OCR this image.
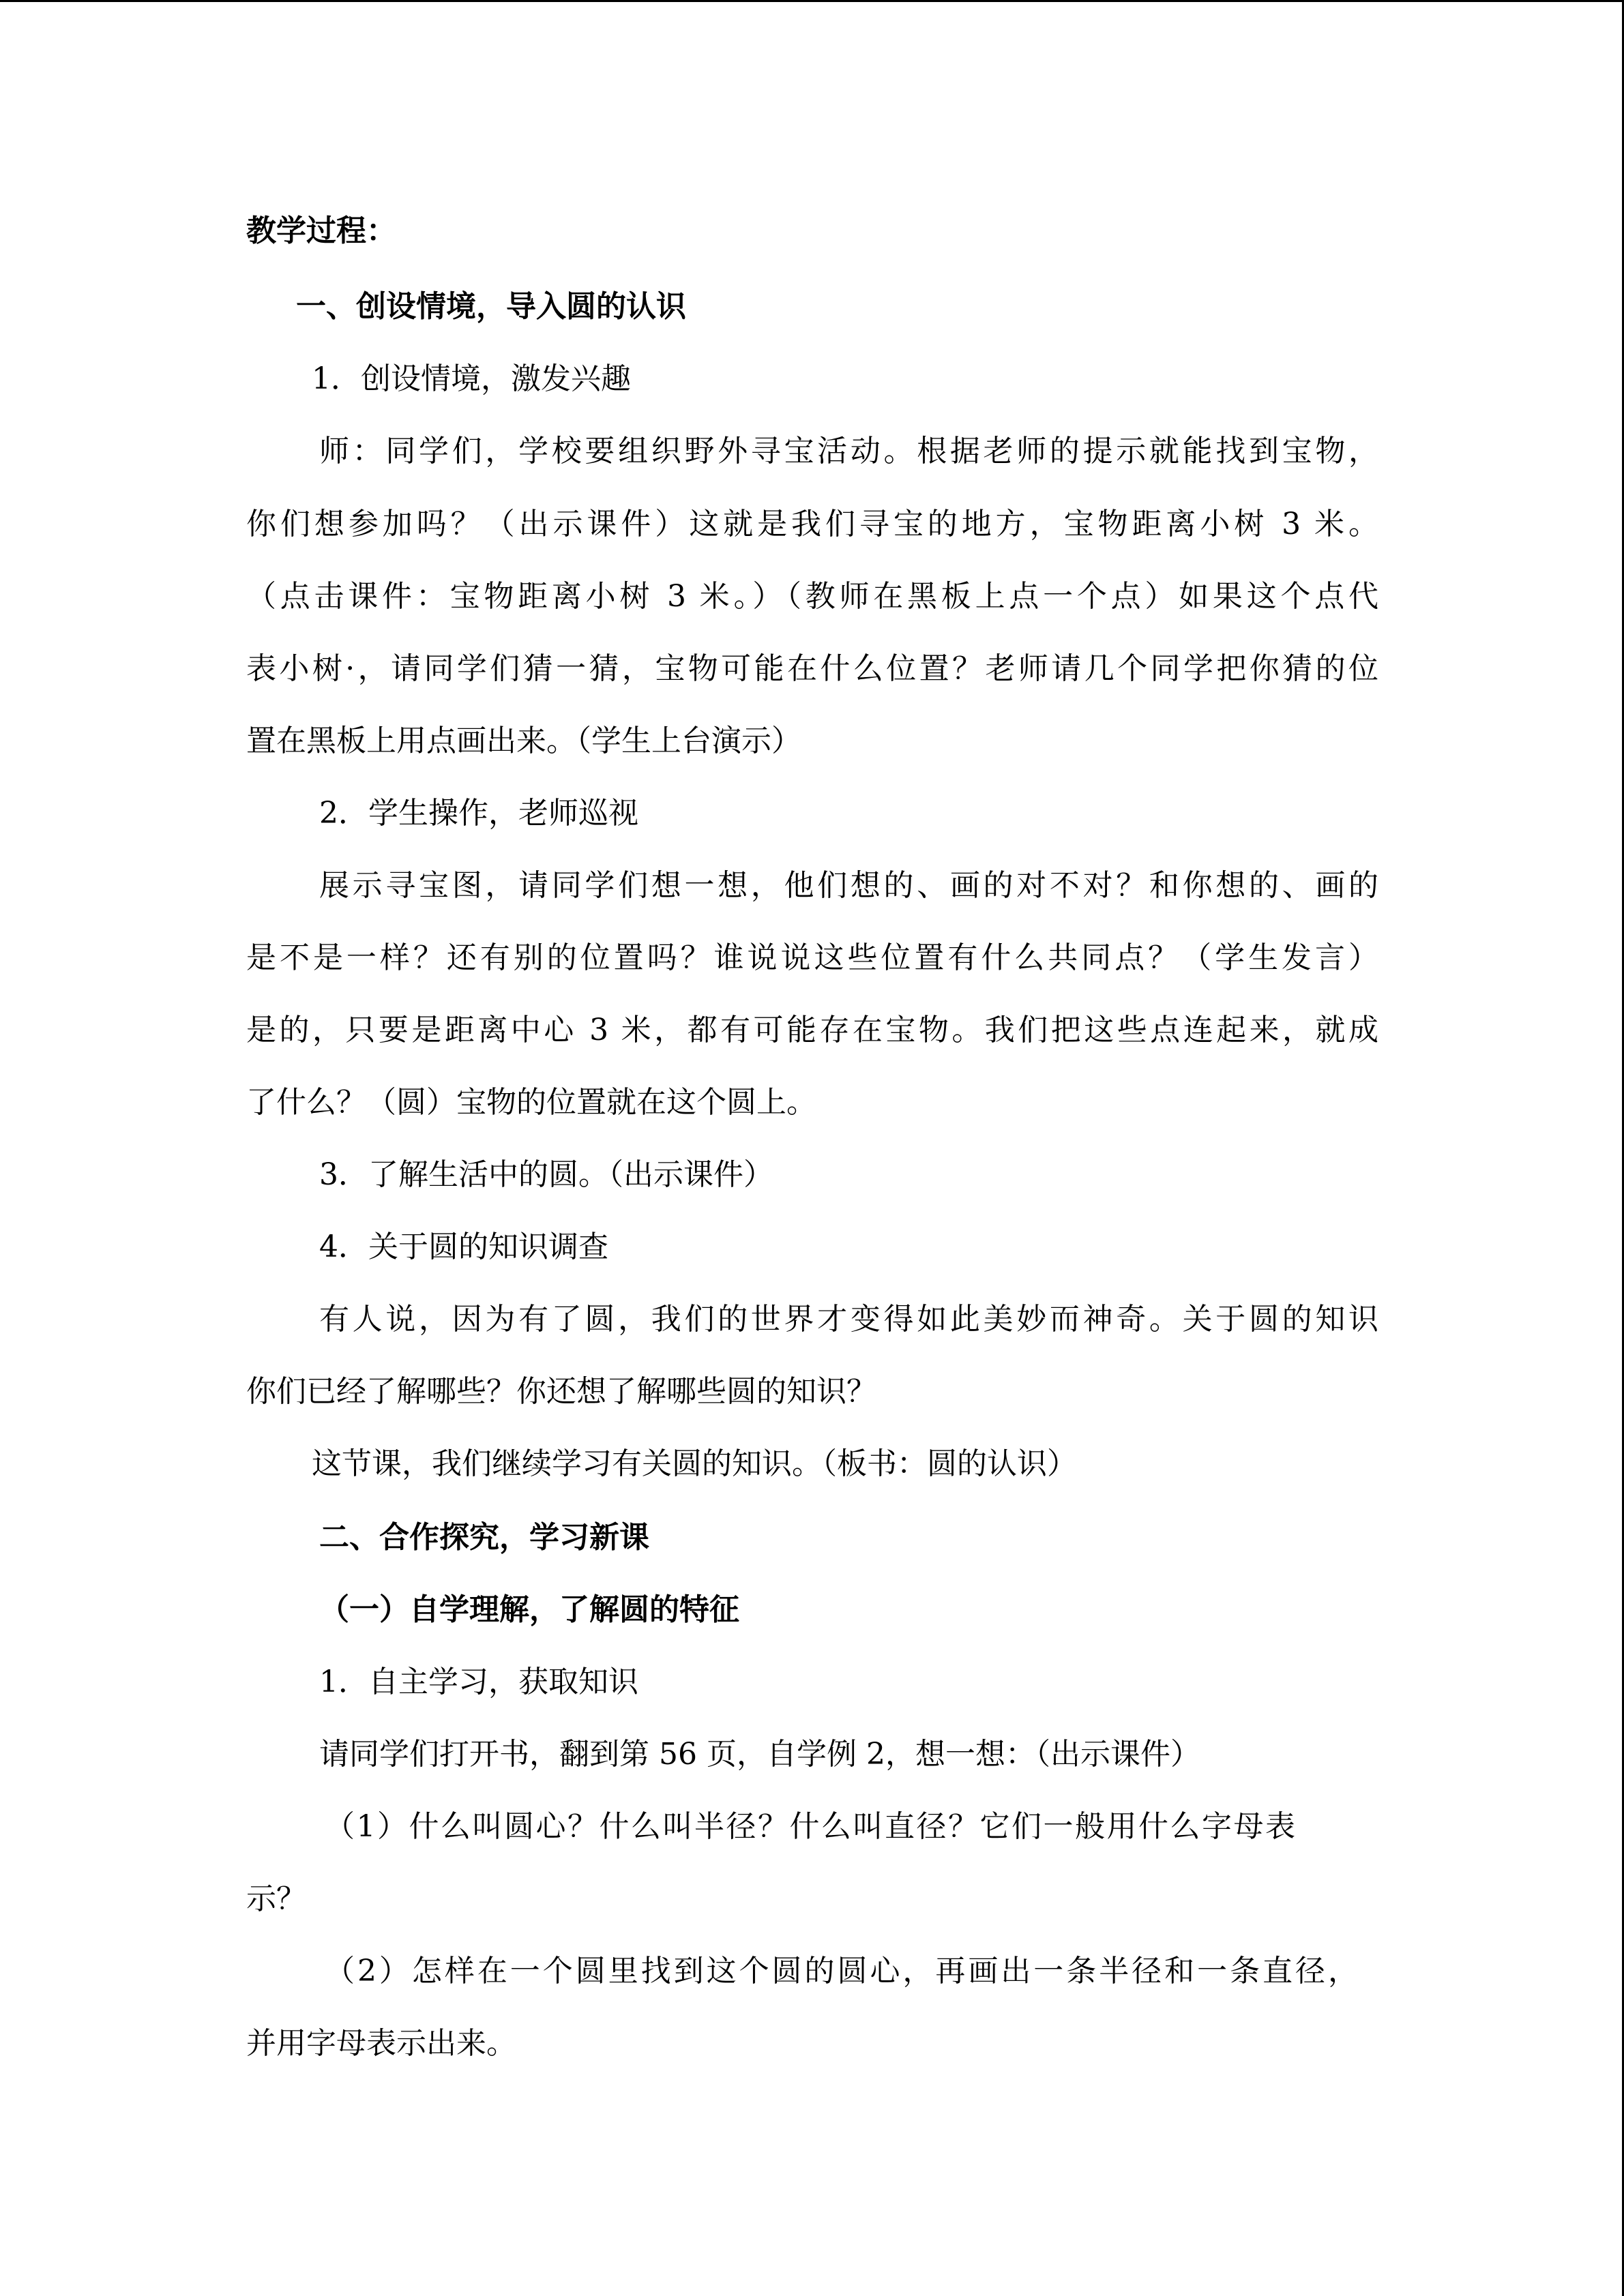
教学过程：
一、创设情境，导入圆的认识
1．创设情境，激发兴趣
师：同学们，学校要组织野外寻宝活动。根据老师的提示就能找到宝物，
你们想参加吗？（出示课件）这就是我们寻宝的地方，宝物距离小树 3 米。
（点击课件：宝物距离小树 3 米。）（教师在黑板上点一个点）如果这个点代
表小树·，请同学们猜一猜，宝物可能在什么位置？老师请几个同学把你猜的位
置在黑板上用点画出来。（学生上台演示）
2．学生操作，老师巡视
展示寻宝图，请同学们想一想，他们想的、画的对不对？和你想的、画的
是不是一样？还有别的位置吗？谁说说这些位置有什么共同点？（学生发言）
是的，只要是距离中心 3 米，都有可能存在宝物。我们把这些点连起来，就成
了什么？（圆）宝物的位置就在这个圆上。
3．了解生活中的圆。（出示课件）
4．关于圆的知识调查
有人说，因为有了圆，我们的世界才变得如此美妙而神奇。关于圆的知识
你们已经了解哪些？你还想了解哪些圆的知识？
这节课，我们继续学习有关圆的知识。（板书：圆的认识）
二、合作探究，学习新课
（一）自学理解，了解圆的特征
1．自主学习，获取知识
请同学们打开书，翻到第 56 页，自学例 2，想一想：（出示课件）
（1）什么叫圆心？什么叫半径？什么叫直径？它们一般用什么字母表
示？
（2）怎样在一个圆里找到这个圆的圆心，再画出一条半径和一条直径，
并用字母表示出来。
